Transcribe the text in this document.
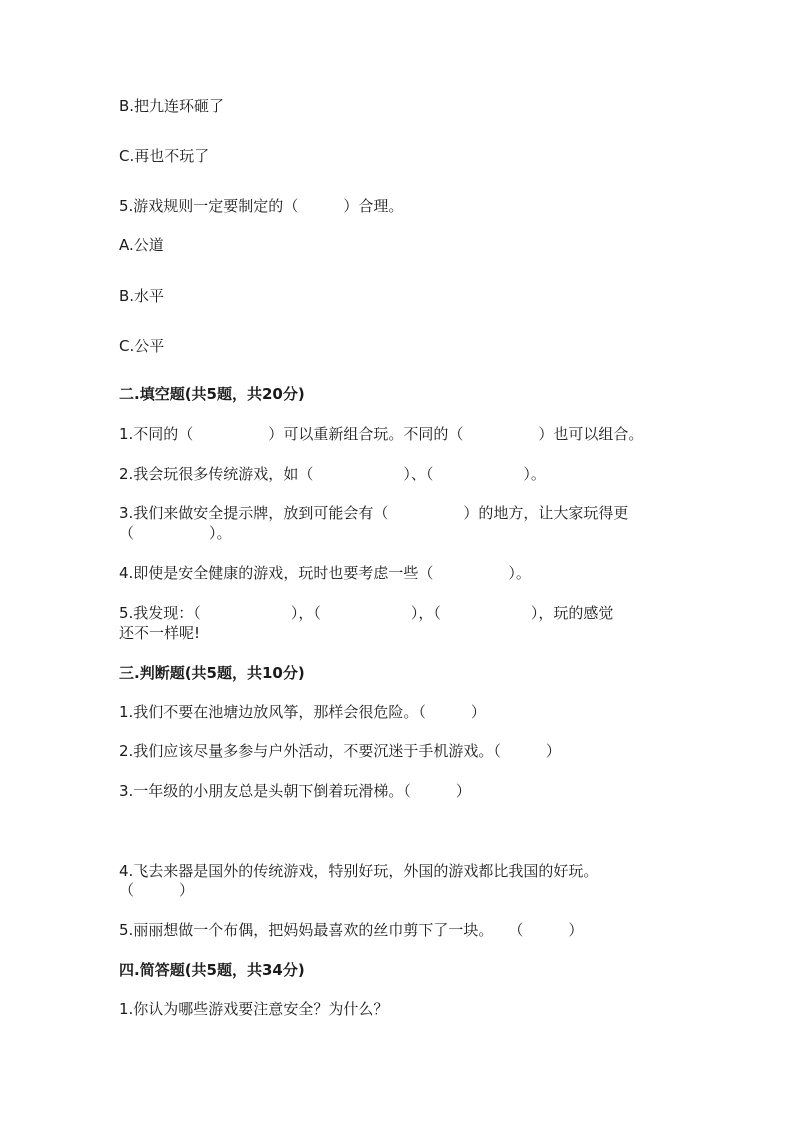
B.把九连环砸了
C.再也不玩了
5.游戏规则一定要制定的（　　　）合理。
A.公道
B.水平
C.公平
二.填空题(共5题，共20分)
1.不同的（　　　　　）可以重新组合玩。不同的（　　　　　）也可以组合。
2.我会玩很多传统游戏，如（　　　　　　）、（　　　　　　）。
3.我们来做安全提示牌，放到可能会有（　　　　　）的地方，让大家玩得更
（　　　　　）。
4.即使是安全健康的游戏，玩时也要考虑一些（　　　　　）。
5.我发现：（　　　　　　），（　　　　　　），（　　　　　　），玩的感觉
还不一样呢!
三.判断题(共5题，共10分)
1.我们不要在池塘边放风筝，那样会很危险。（　　　）
2.我们应该尽量多参与户外活动，不要沉迷于手机游戏。（　　　）
3.一年级的小朋友总是头朝下倒着玩滑梯。（　　　）
4.飞去来器是国外的传统游戏，特别好玩，外国的游戏都比我国的好玩。
（　　　）
5.丽丽想做一个布偶，把妈妈最喜欢的丝巾剪下了一块。　　（　　　）
四.简答题(共5题，共34分)
1.你认为哪些游戏要注意安全？为什么？
